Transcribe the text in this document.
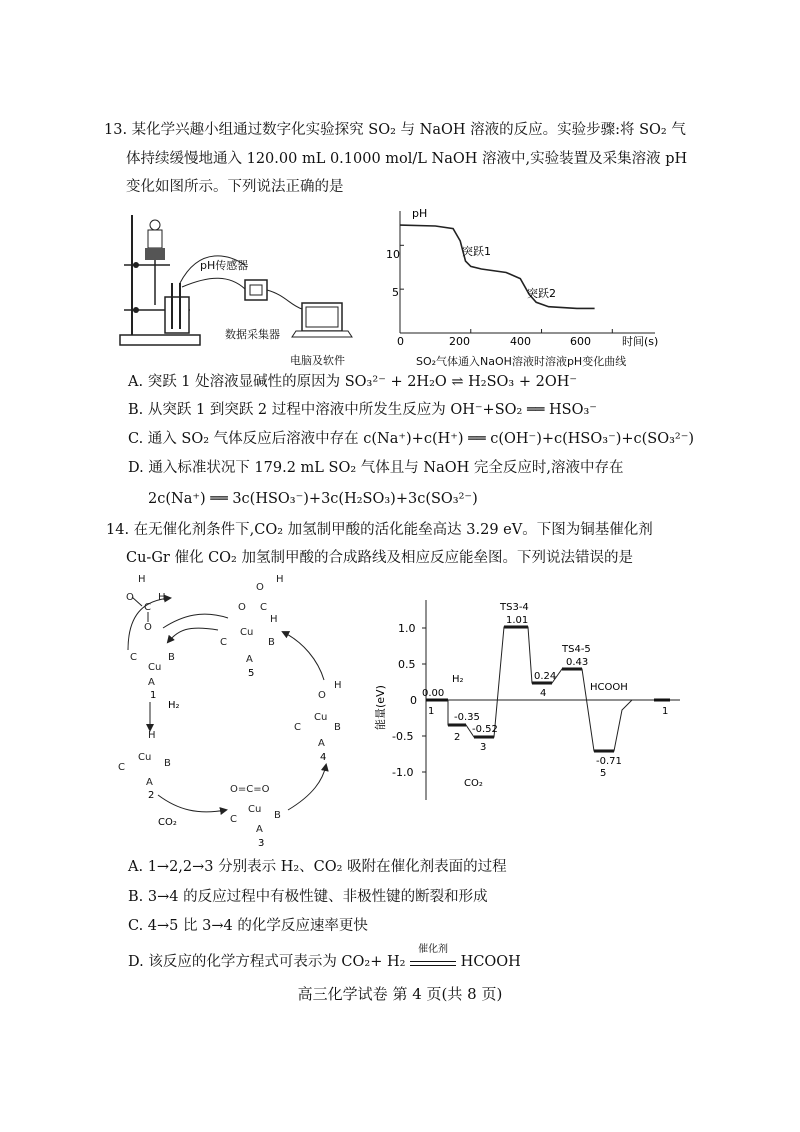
13. 某化学兴趣小组通过数字化实验探究 SO₂ 与 NaOH 溶液的反应。实验步骤:将 SO₂ 气
体持续缓慢地通入 120.00 mL 0.1000 mol/L NaOH 溶液中,实验装置及采集溶液 pH
变化如图所示。下列说法正确的是
pH传感器
数据采集器
电脑及软件
pH
时间(s)
10
5
0	200	400	600
突跃1
突跃2
SO₂气体通入NaOH溶液时溶液pH变化曲线
A. 突跃 1 处溶液显碱性的原因为 SO₃²⁻ + 2H₂O ⇌ H₂SO₃ + 2OH⁻
B. 从突跃 1 到突跃 2 过程中溶液中所发生反应为 OH⁻+SO₂ ══ HSO₃⁻
C. 通入 SO₂ 气体反应后溶液中存在 c(Na⁺)+c(H⁺) ══ c(OH⁻)+c(HSO₃⁻)+c(SO₃²⁻)
D. 通入标准状况下 179.2 mL SO₂ 气体且与 NaOH 完全反应时,溶液中存在
2c(Na⁺) ══ 3c(HSO₃⁻)+3c(H₂SO₃)+3c(SO₃²⁻)
14. 在无催化剂条件下,CO₂ 加氢制甲酸的活化能垒高达 3.29 eV。下图为铜基催化剂
Cu-Gr 催化 CO₂ 加氢制甲酸的合成路线及相应反应能垒图。下列说法错误的是
H
O
C
H
O
O
H
O C
H
Cu
C	B
A
5
C
Cu
B
A
1
H
Cu
C	B
A
2
H₂
CO₂
O=C=O
Cu
C	B
A
3
O
H
Cu
C	B
A
4
1.0
0.5
0
-0.5
-1.0
能量(eV)	0.00
1
-0.35
2
-0.52
3
TS3-4
1.01
0.24
4
TS4-5
0.43
-0.71
5
1
H₂
CO₂
HCOOH
A. 1→2,2→3 分别表示 H₂、CO₂ 吸附在催化剂表面的过程
B. 3→4 的反应过程中有极性键、非极性键的断裂和形成
C. 4→5 比 3→4 的化学反应速率更快
D. 该反应的化学方程式可表示为 CO₂+ H₂
催化剂
HCOOH
高三化学试卷 第 4 页(共 8 页)
